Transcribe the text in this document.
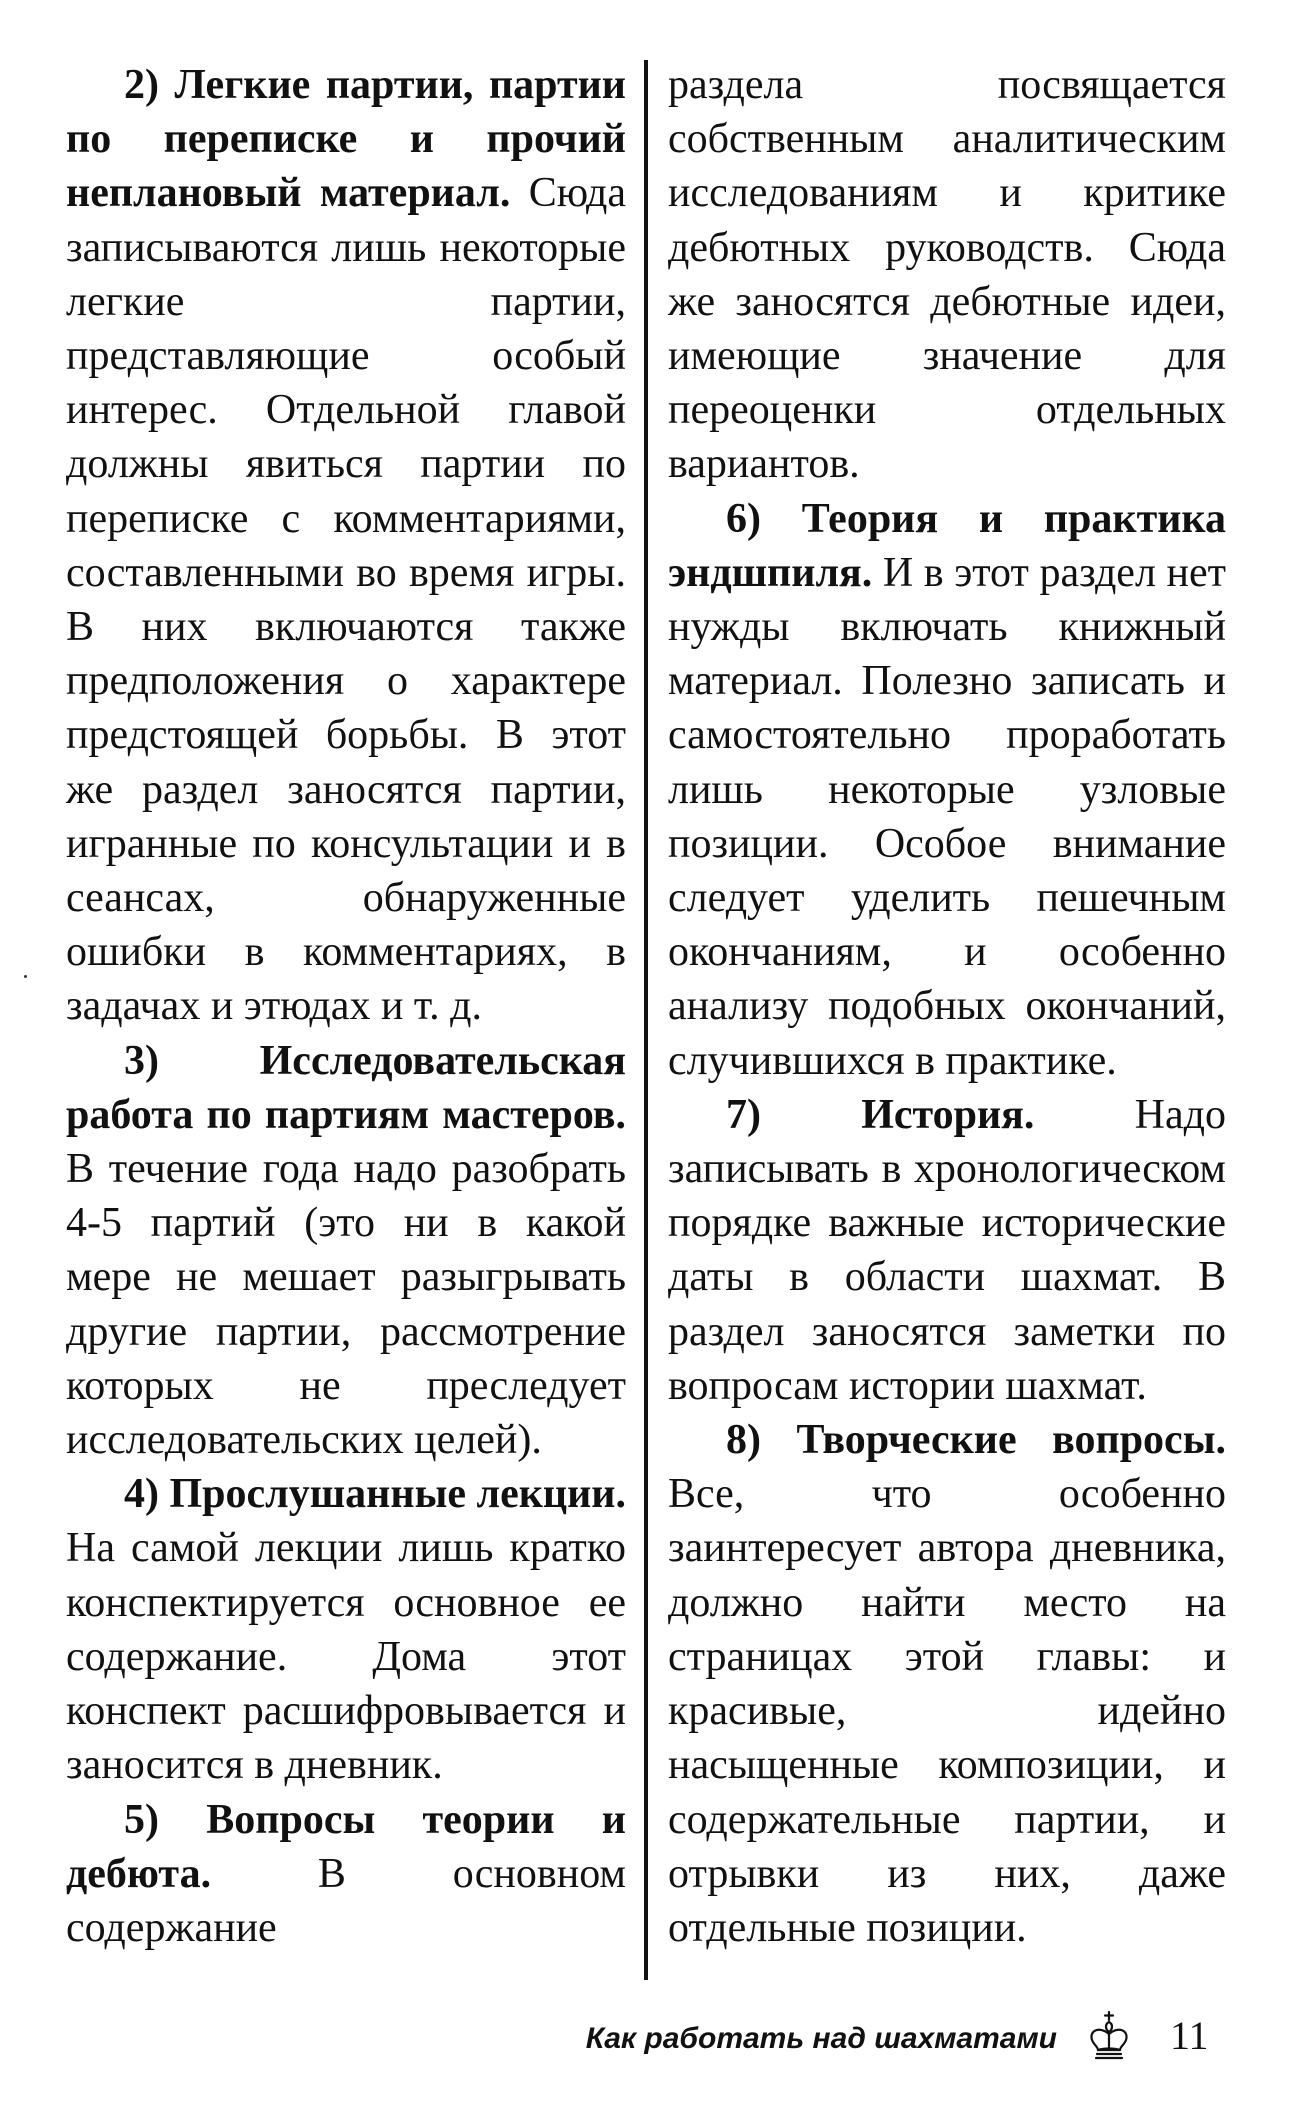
2) Легкие партии, партии по переписке и прочий неплановый материал. Сюда записываются лишь некоторые легкие партии, представляющие особый интерес. Отдельной главой должны явиться партии по переписке с комментариями, составленными во время игры. В них включаются также предположения о характере предстоящей борьбы. В этот же раздел заносятся партии, игранные по консультации и в сеансах, обнаруженные ошибки в комментариях, в задачах и этюдах и т. д.

3) Исследовательская работа по партиям мастеров. В течение года надо разобрать 4-5 партий (это ни в какой мере не мешает разыгрывать другие партии, рассмотрение которых не преследует исследовательских целей).

4) Прослушанные лекции. На самой лекции лишь кратко конспектируется основное ее содержание. Дома этот конспект расшифровывается и заносится в дневник.

5) Вопросы теории и дебюта. В основном содержание

раздела посвящается собственным аналитическим исследованиям и критике дебютных руководств. Сюда же заносятся дебютные идеи, имеющие значение для переоценки отдельных вариантов.

6) Теория и практика эндшпиля. И в этот раздел нет нужды включать книжный материал. Полезно записать и самостоятельно проработать лишь некоторые узловые позиции. Особое внимание следует уделить пешечным окончаниям, и особенно анализу подобных окончаний, случившихся в практике.

7) История. Надо записывать в хронологическом порядке важные исторические даты в области шахмат. В раздел заносятся заметки по вопросам истории шахмат.

8) Творческие вопросы. Все, что особенно заинтересует автора дневника, должно найти место на страницах этой главы: и красивые, идейно насыщенные композиции, и содержательные партии, и отрывки из них, даже отдельные позиции.

Как работать над шахматами	11
